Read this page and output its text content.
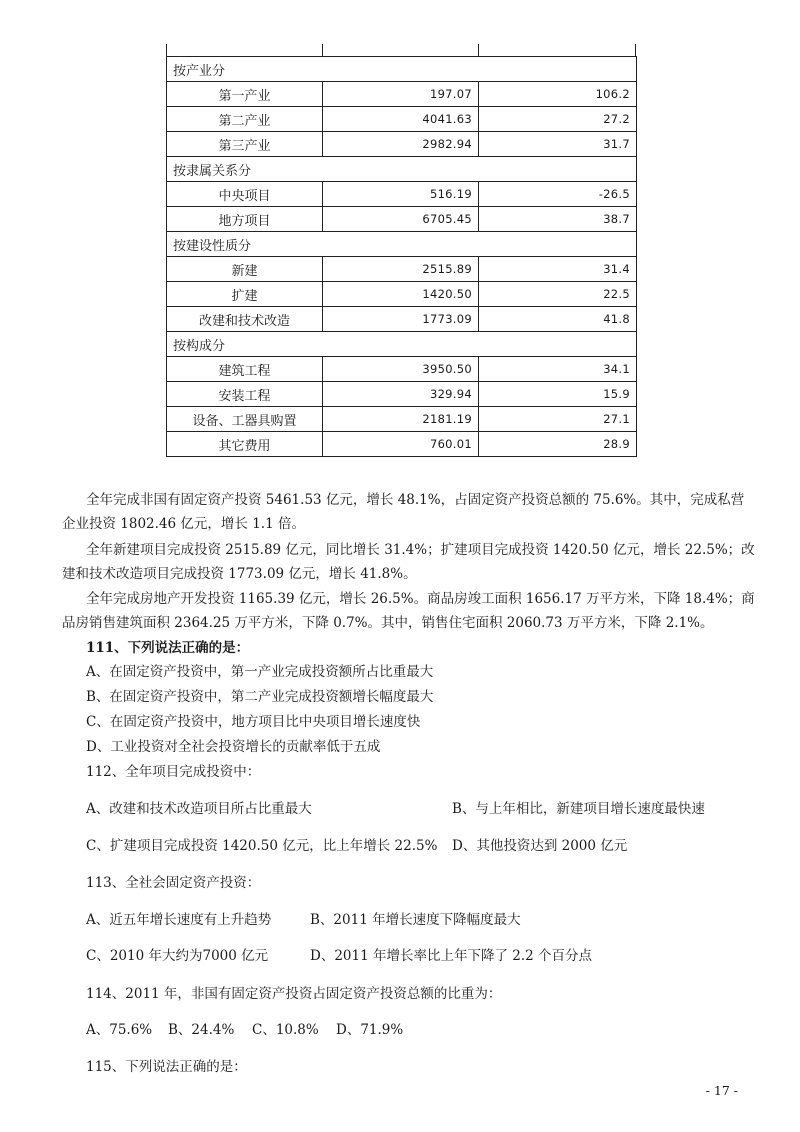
按产业分		
第一产业	197.07	106.2
第二产业	4041.63	27.2
第三产业	2982.94	31.7
按隶属关系分		
中央项目	516.19	-26.5
地方项目	6705.45	38.7
按建设性质分		
新建	2515.89	31.4
扩建	1420.50	22.5
改建和技术改造	1773.09	41.8
按构成分		
建筑工程	3950.50	34.1
安装工程	329.94	15.9
设备、工器具购置	2181.19	27.1
其它费用	760.01	28.9
全年完成非国有固定资产投资 5461.53 亿元，增长 48.1%，占固定资产投资总额的 75.6%。其中，完成私营
企业投资 1802.46 亿元，增长 1.1 倍。
全年新建项目完成投资 2515.89 亿元，同比增长 31.4%；扩建项目完成投资 1420.50 亿元，增长 22.5%；改
建和技术改造项目完成投资 1773.09 亿元，增长 41.8%。
全年完成房地产开发投资 1165.39 亿元，增长 26.5%。商品房竣工面积 1656.17 万平方米，下降 18.4%；商
品房销售建筑面积 2364.25 万平方米，下降 0.7%。其中，销售住宅面积 2060.73 万平方米，下降 2.1%。
111、下列说法正确的是：
A、在固定资产投资中，第一产业完成投资额所占比重最大
B、在固定资产投资中，第二产业完成投资额增长幅度最大
C、在固定资产投资中，地方项目比中央项目增长速度快
D、工业投资对全社会投资增长的贡献率低于五成
112、全年项目完成投资中：
A、改建和技术改造项目所占比重最大	B、与上年相比，新建项目增长速度最快速
C、扩建项目完成投资 1420.50 亿元，比上年增长 22.5% D、其他投资达到 2000 亿元
113、全社会固定资产投资：
A、近五年增长速度有上升趋势	B、2011 年增长速度下降幅度最大
C、2010 年大约为7000 亿元	D、2011 年增长率比上年下降了 2.2 个百分点
114、2011 年，非国有固定资产投资占固定资产投资总额的比重为：
A、75.6% B、24.4% C、10.8% D、71.9%
115、下列说法正确的是：
- 17 -
